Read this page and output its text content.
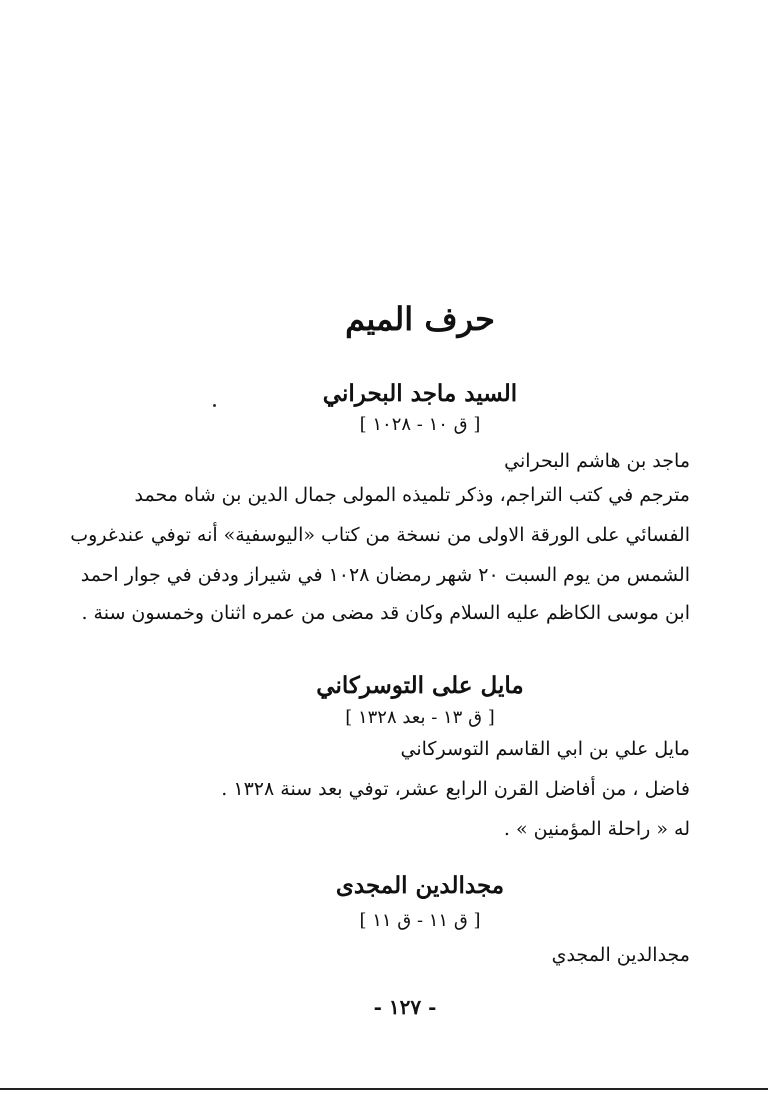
حرف الميم
السيد ماجد البحراني

[ ق ١٠ - ١٠٢٨ ]

ماجد بن هاشم البحراني

مترجم في كتب التراجم، وذكر تلميذه المولى جمال الدين بن شاه محمد

الفسائي على الورقة الاولى من نسخة من كتاب «اليوسفية» أنه توفي عندغروب

الشمس من يوم السبت ٢٠ شهر رمضان ١٠٢٨ في شيراز ودفن في جوار احمد

ابن موسى الكاظم عليه السلام وكان قد مضى من عمره اثنان وخمسون سنة .

مايل على التوسركاني

[ ق ١٣ - بعد ١٣٢٨ ]

مايل علي بن ابي القاسم التوسركاني

فاضل ، من أفاضل القرن الرابع عشر، توفي بعد سنة ١٣٢٨ .

له « راحلة المؤمنين » .

مجدالدين المجدى

[ ق ١١ - ق ١١ ]

مجدالدين المجدي

- ١٢٧ -
